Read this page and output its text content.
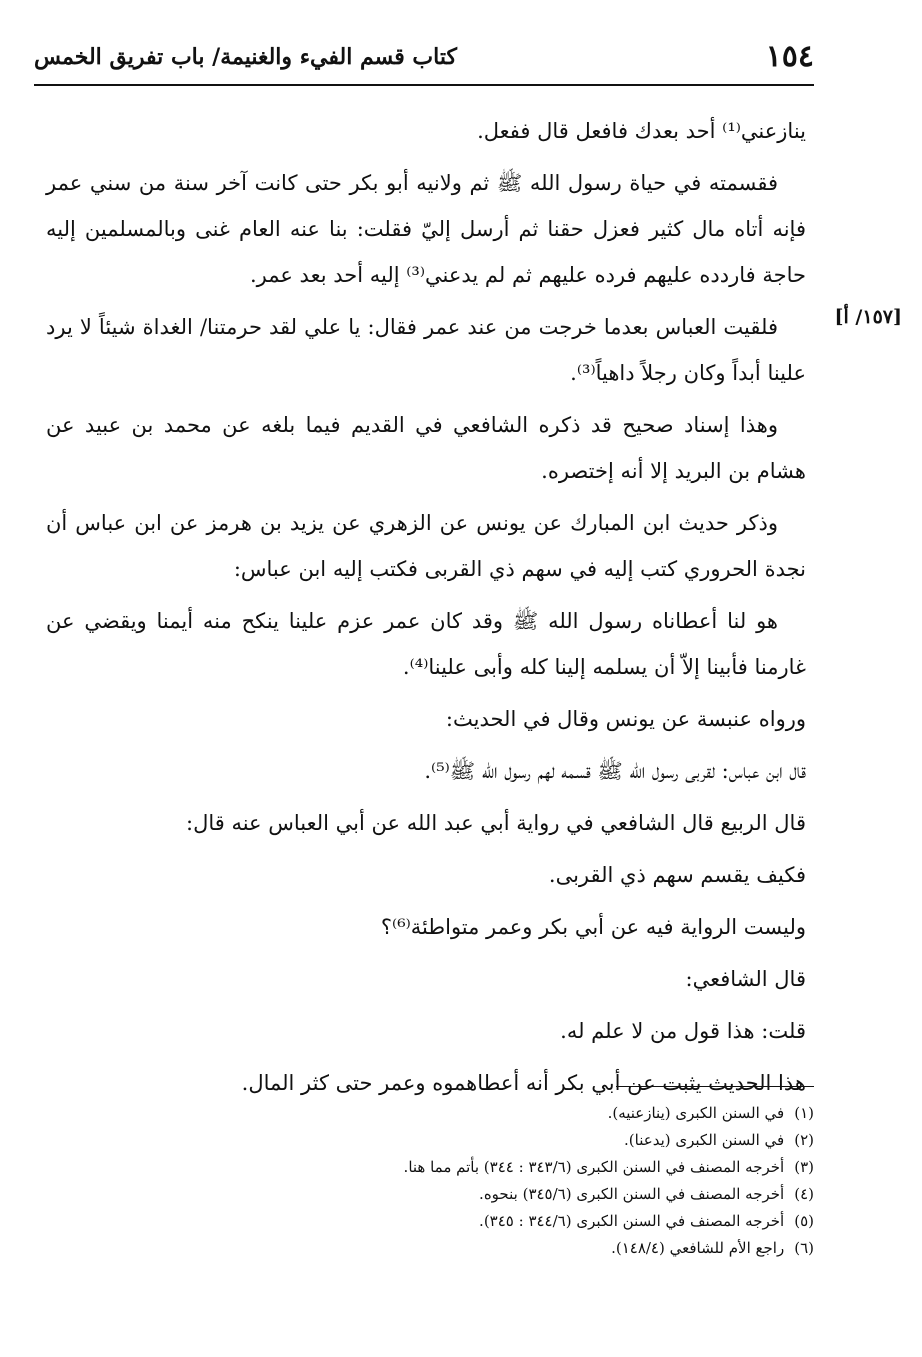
١٥٤
كتاب قسم الفيء والغنيمة/ باب تفريق الخمس
[١٥٧/ أ]

ينازعني⁽¹⁾ أحد بعدك فافعل قال ففعل.

فقسمته في حياة رسول الله ﷺ ثم ولانيه أبو بكر حتى كانت آخر سنة من سني عمر فإنه أتاه مال كثير فعزل حقنا ثم أرسل إليّ فقلت: بنا عنه العام غنى وبالمسلمين إليه حاجة فاردده عليهم فرده عليهم ثم لم يدعني⁽³⁾ إليه أحد بعد عمر.

فلقيت العباس بعدما خرجت من عند عمر فقال: يا علي لقد حرمتنا/ الغداة شيئاً لا يرد علينا أبداً وكان رجلاً داهياً⁽³⁾.

وهذا إسناد صحيح قد ذكره الشافعي في القديم فيما بلغه عن محمد بن عبيد عن هشام بن البريد إلا أنه إختصره.

وذكر حديث ابن المبارك عن يونس عن الزهري عن يزيد بن هرمز عن ابن عباس أن نجدة الحروري كتب إليه في سهم ذي القربى فكتب إليه ابن عباس:

هو لنا أعطاناه رسول الله ﷺ وقد كان عمر عزم علينا ينكح منه أيمنا ويقضي عن غارمنا فأبينا إلاّ أن يسلمه إلينا كله وأبى علينا⁽⁴⁾.

ورواه عنبسة عن يونس وقال في الحديث:

قال ابن عباس: لقربى رسول الله ﷺ قسمه لهم رسول الله ﷺ⁽⁵⁾.

قال الربيع قال الشافعي في رواية أبي عبد الله عن أبي العباس عنه قال:

فكيف يقسم سهم ذي القربى.

وليست الرواية فيه عن أبي بكر وعمر متواطئة⁽⁶⁾؟

قال الشافعي:

قلت: هذا قول من لا علم له.

هذا الحديث يثبت عن أبي بكر أنه أعطاهموه وعمر حتى كثر المال.

(١)في السنن الكبرى (ينازعنيه).
(٢)في السنن الكبرى (يدعنا).
(٣)أخرجه المصنف في السنن الكبرى (٣٤٣/٦ : ٣٤٤) بأتم مما هنا.
(٤)أخرجه المصنف في السنن الكبرى (٣٤٥/٦) بنحوه.
(٥)أخرجه المصنف في السنن الكبرى (٣٤٤/٦ : ٣٤٥).
(٦)راجع الأم للشافعي (١٤٨/٤).
